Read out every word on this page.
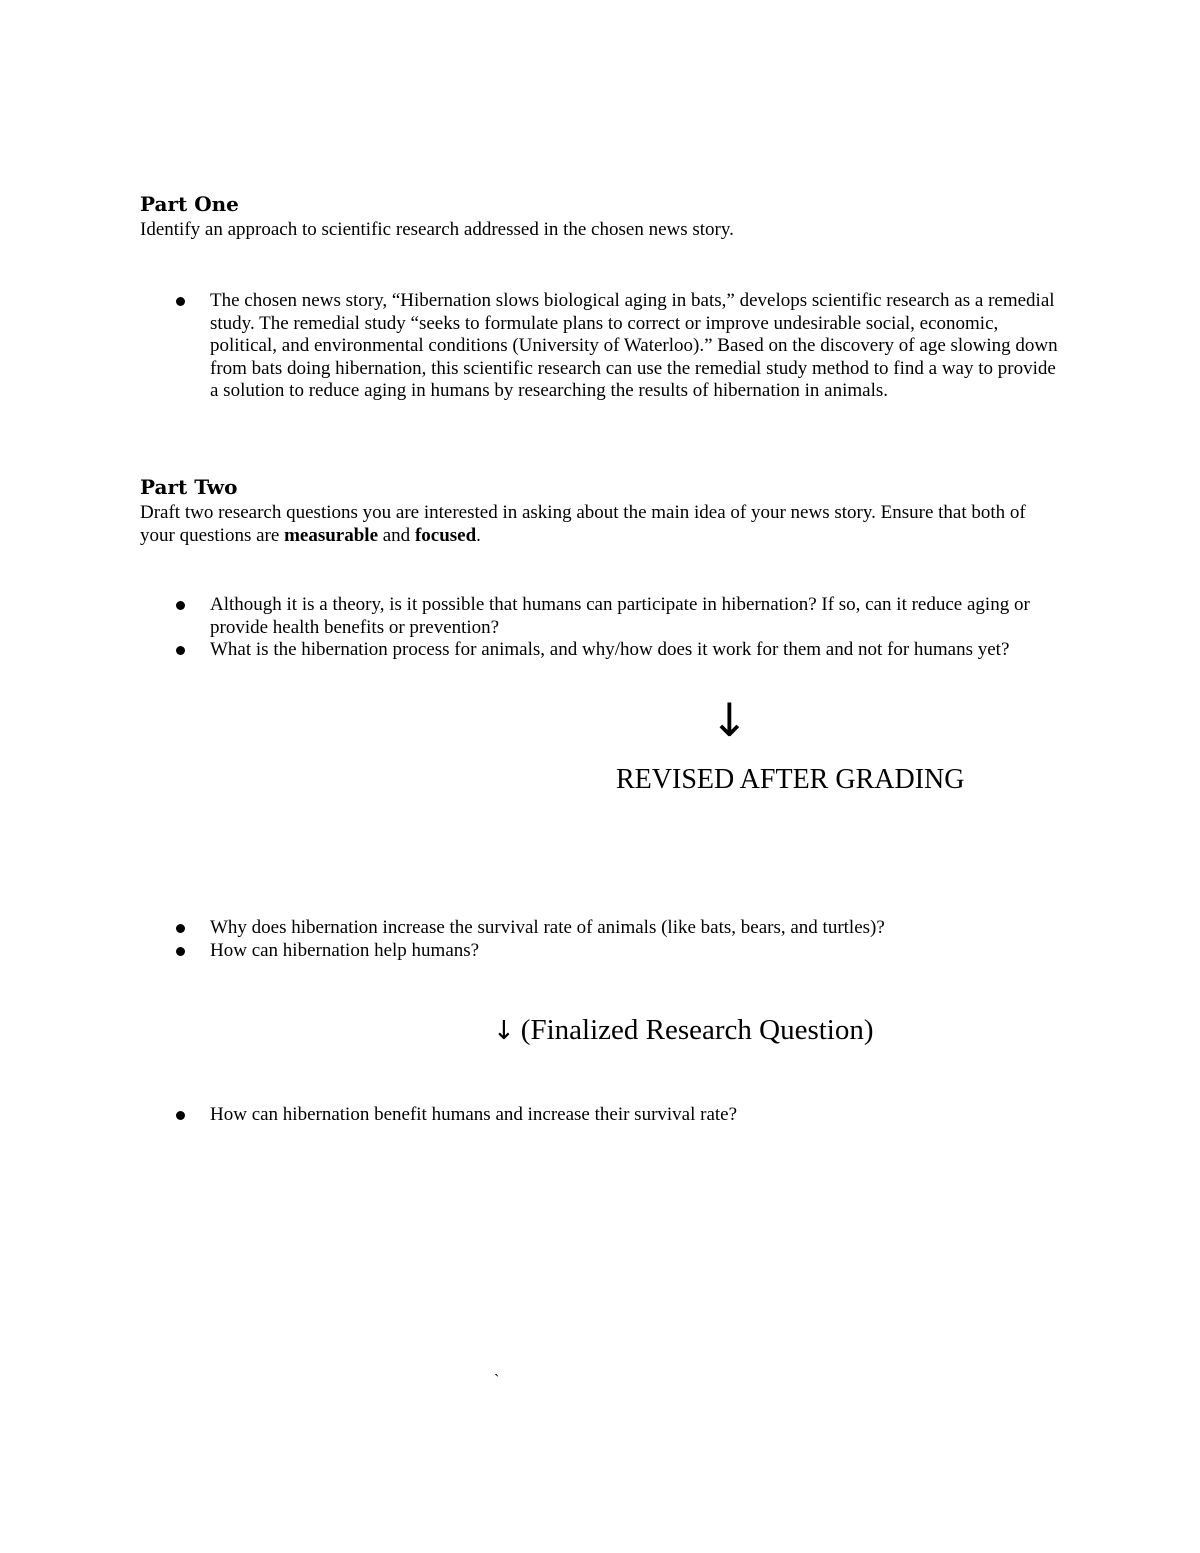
Part One

Identify an approach to scientific research addressed in the chosen news story.

The chosen news story, “Hibernation slows biological aging in bats,” develops scientific research as a remedial study. The remedial study “seeks to formulate plans to correct or improve undesirable social, economic, political, and environmental conditions (University of Waterloo).” Based on the discovery of age slowing down from bats doing hibernation, this scientific research can use the remedial study method to find a way to provide a solution to reduce aging in humans by researching the results of hibernation in animals.
Part Two

Draft two research questions you are interested in asking about the main idea of your news story. Ensure that both of your questions are measurable and focused.

Although it is a theory, is it possible that humans can participate in hibernation? If so, can it reduce aging or provide health benefits or prevention?
What is the hibernation process for animals, and why/how does it work for them and not for humans yet?
↓
REVISED AFTER GRADING
Why does hibernation increase the survival rate of animals (like bats, bears, and turtles)?
How can hibernation help humans?
↓ (Finalized Research Question)
How can hibernation benefit humans and increase their survival rate?
`
